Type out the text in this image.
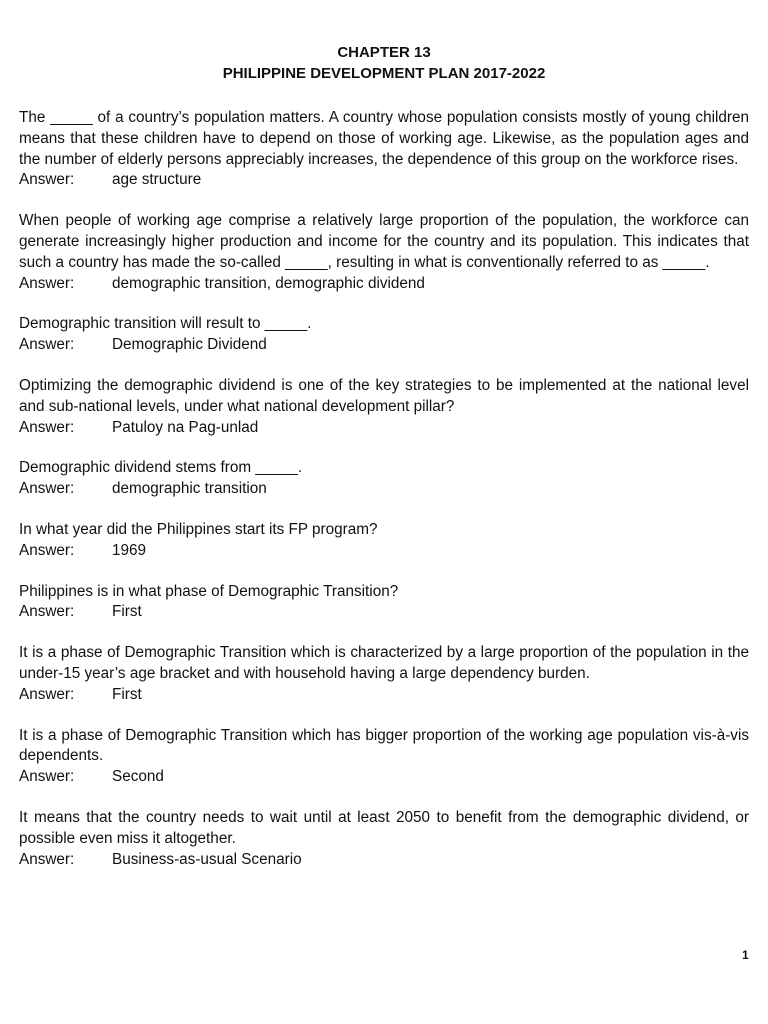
CHAPTER 13
PHILIPPINE DEVELOPMENT PLAN 2017-2022

The _____ of a country’s population matters. A country whose population consists mostly of young children means that these children have to depend on those of working age. Likewise, as the population ages and the number of elderly persons appreciably increases, the dependence of this group on the workforce rises.

Answer:	age structure

When people of working age comprise a relatively large proportion of the population, the workforce can generate increasingly higher production and income for the country and its population. This indicates that such a country has made the so-called _____, resulting in what is conventionally referred to as _____.

Answer:	demographic transition, demographic dividend

Demographic transition will result to _____.

Answer:	Demographic Dividend

Optimizing the demographic dividend is one of the key strategies to be implemented at the national level and sub-national levels, under what national development pillar?

Answer:	Patuloy na Pag-unlad

Demographic dividend stems from _____.

Answer:	demographic transition

In what year did the Philippines start its FP program?

Answer:	1969

Philippines is in what phase of Demographic Transition?

Answer:	First

It is a phase of Demographic Transition which is characterized by a large proportion of the population in the under-15 year’s age bracket and with household having a large dependency burden.

Answer:	First

It is a phase of Demographic Transition which has bigger proportion of the working age population vis-à-vis dependents.

Answer:	Second

It means that the country needs to wait until at least 2050 to benefit from the demographic dividend, or possible even miss it altogether.

Answer:	Business-as-usual Scenario
1
